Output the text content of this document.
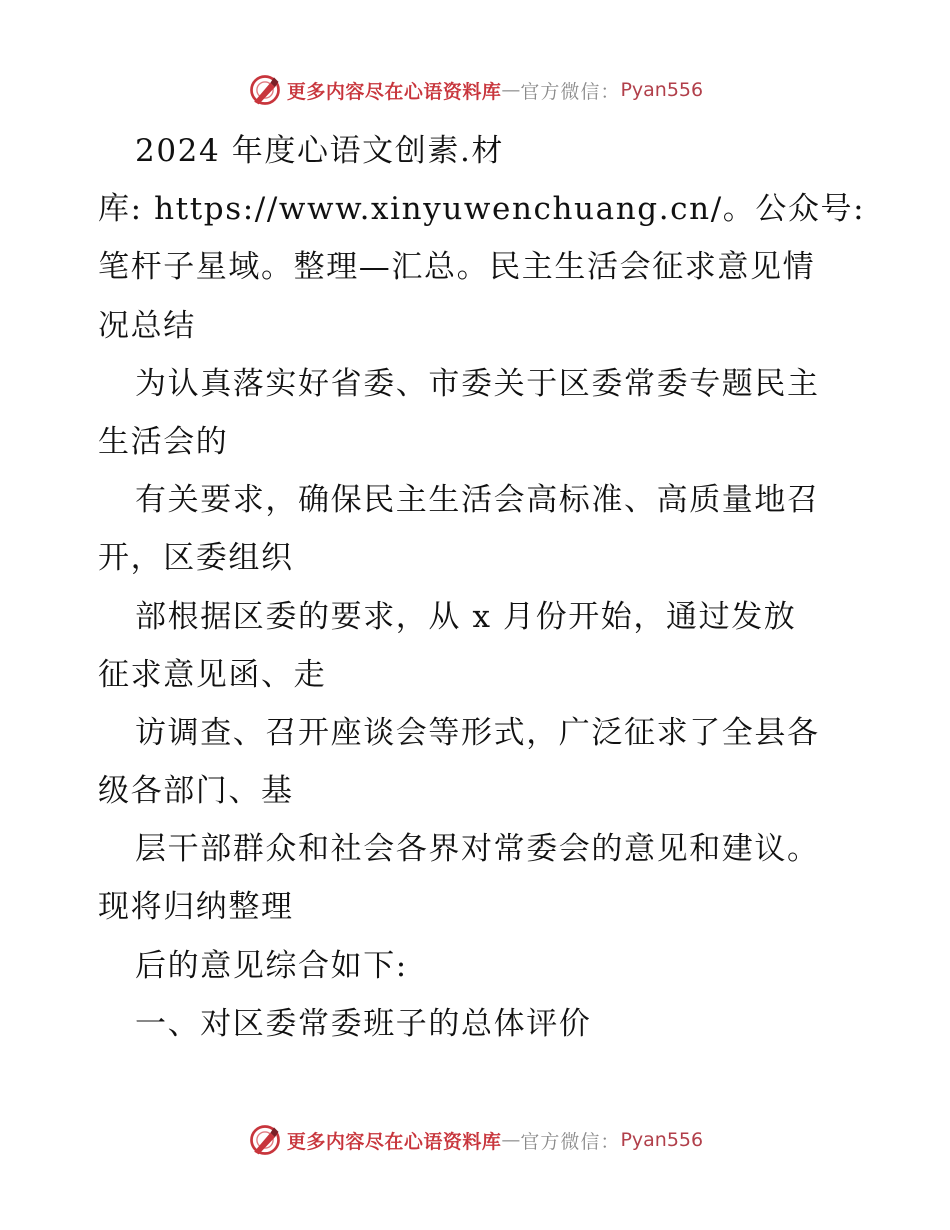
更多内容尽在心语资料库 — 官方微信： Pyan556
2024 年度心语文创素.材
库: https://www.xinyuwenchuang.cn/。公众号:
笔杆子星域。整理—汇总。民主生活会征求意见情
况总结
为认真落实好省委、市委关于区委常委专题民主
生活会的
有关要求，确保民主生活会高标准、高质量地召
开，区委组织
部根据区委的要求，从 x 月份开始，通过发放
征求意见函、走
访调查、召开座谈会等形式，广泛征求了全县各
级各部门、基
层干部群众和社会各界对常委会的意见和建议。
现将归纳整理
后的意见综合如下:
一、对区委常委班子的总体评价
更多内容尽在心语资料库 — 官方微信： Pyan556
